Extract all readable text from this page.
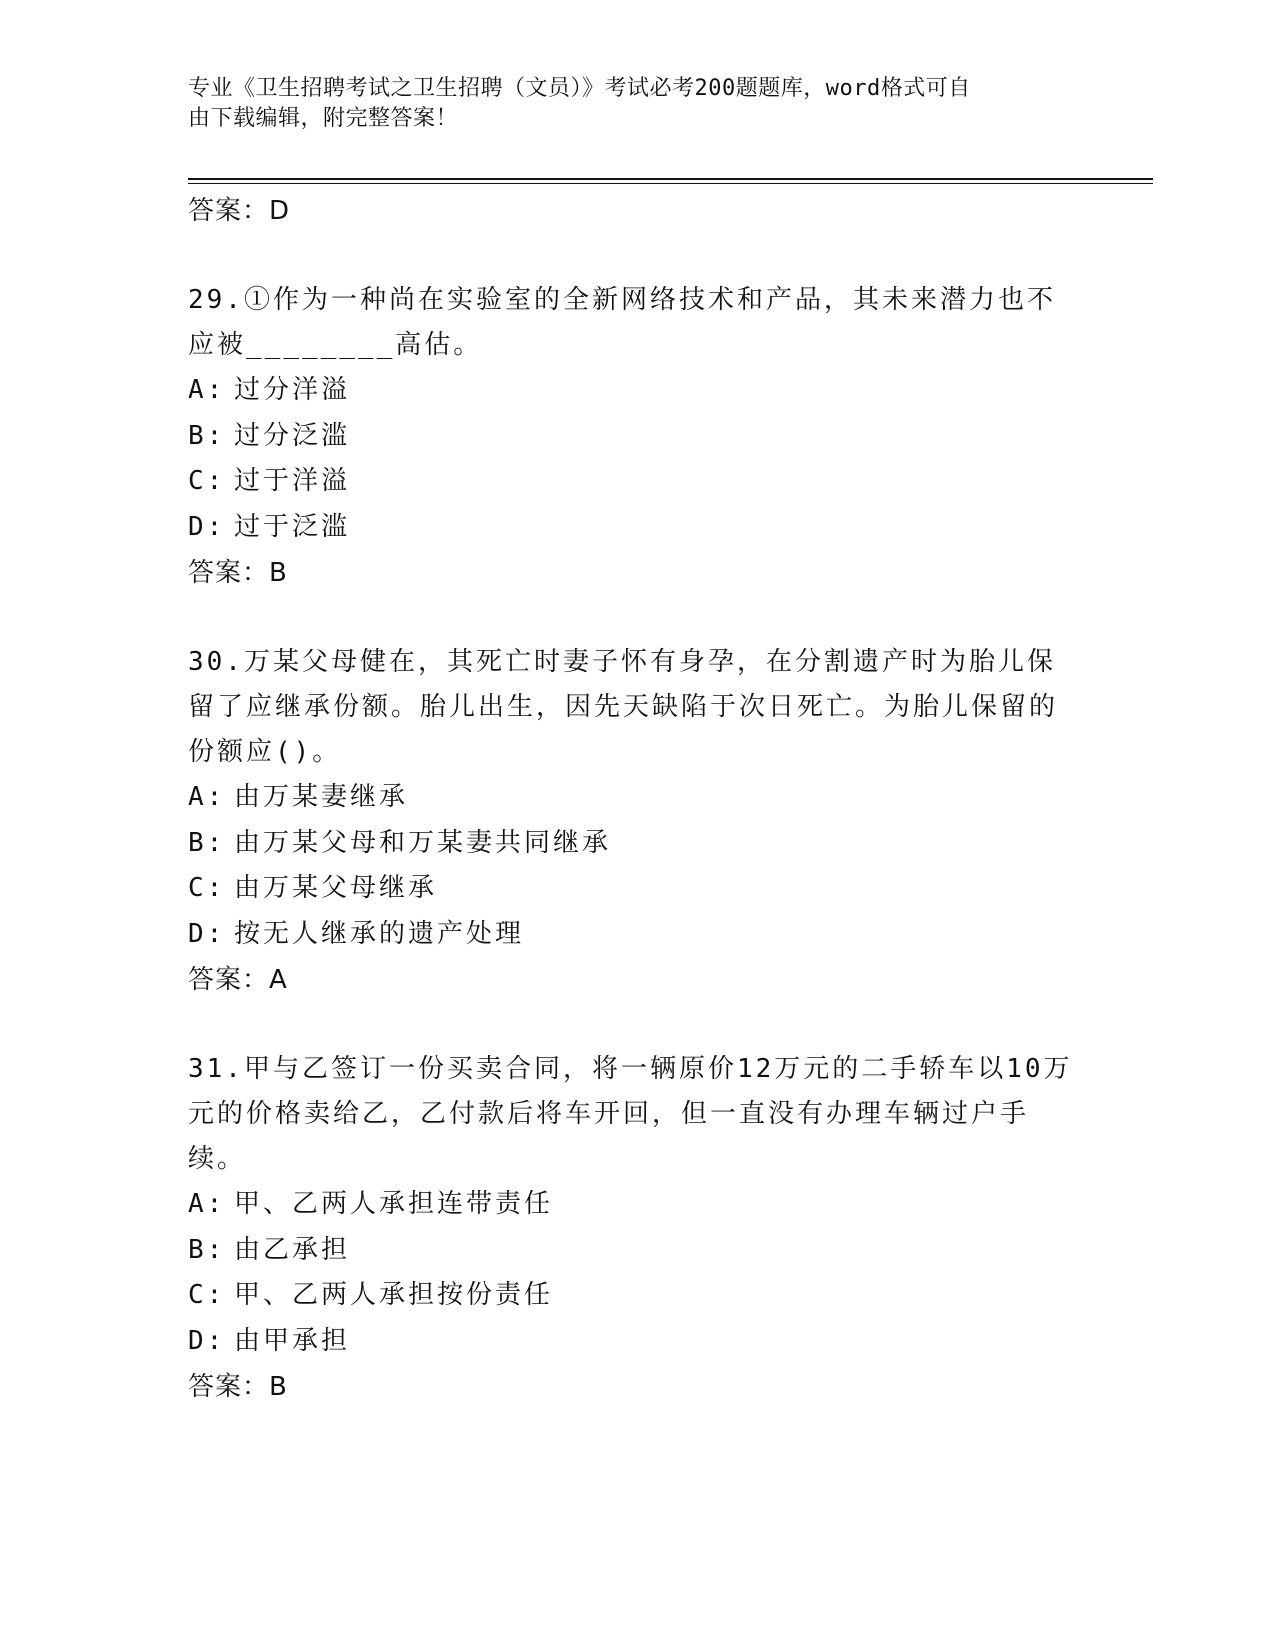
专业《卫生招聘考试之卫生招聘（文员）》考试必考200题题库，word格式可自
由下载编辑，附完整答案！
答案：D
29.①作为一种尚在实验室的全新网络技术和产品，其未来潜力也不应被________高估。
A: 过分洋溢
B: 过分泛滥
C: 过于洋溢
D: 过于泛滥
答案：B
30.万某父母健在，其死亡时妻子怀有身孕，在分割遗产时为胎儿保留了应继承份额。胎儿出生，因先天缺陷于次日死亡。为胎儿保留的份额应()。
A: 由万某妻继承
B: 由万某父母和万某妻共同继承
C: 由万某父母继承
D: 按无人继承的遗产处理
答案：A
31.甲与乙签订一份买卖合同，将一辆原价12万元的二手轿车以10万元的价格卖给乙，乙付款后将车开回，但一直没有办理车辆过户手续。
A: 甲、乙两人承担连带责任
B: 由乙承担
C: 甲、乙两人承担按份责任
D: 由甲承担
答案：B
